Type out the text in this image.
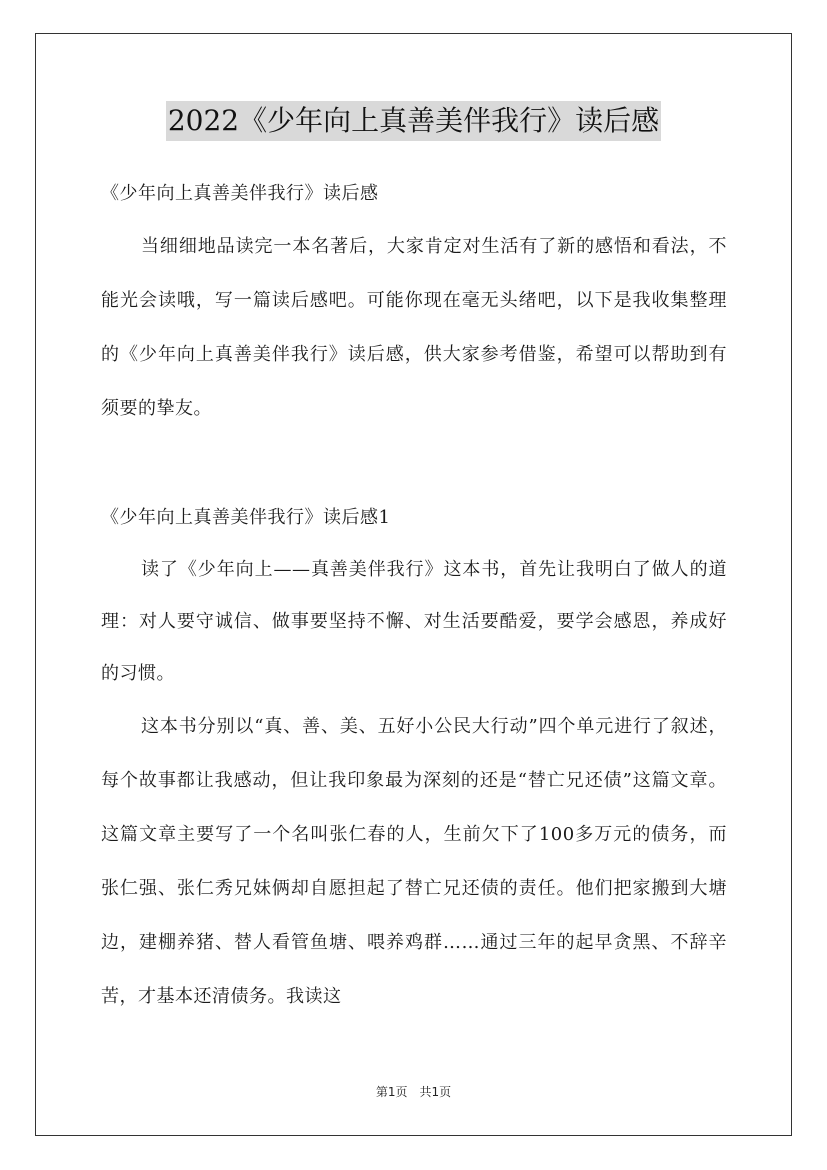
2022《少年向上真善美伴我行》读后感

《少年向上真善美伴我行》读后感

当细细地品读完一本名著后，大家肯定对生活有了新的感悟和看法，不能光会读哦，写一篇读后感吧。可能你现在毫无头绪吧，以下是我收集整理的《少年向上真善美伴我行》读后感，供大家参考借鉴，希望可以帮助到有须要的挚友。

《少年向上真善美伴我行》读后感1

读了《少年向上——真善美伴我行》这本书，首先让我明白了做人的道理：对人要守诚信、做事要坚持不懈、对生活要酷爱，要学会感恩，养成好的习惯。

这本书分别以“真、善、美、五好小公民大行动”四个单元进行了叙述，每个故事都让我感动，但让我印象最为深刻的还是“替亡兄还债”这篇文章。这篇文章主要写了一个名叫张仁春的人，生前欠下了100多万元的债务，而张仁强、张仁秀兄妹俩却自愿担起了替亡兄还债的责任。他们把家搬到大塘边，建棚养猪、替人看管鱼塘、喂养鸡群……通过三年的起早贪黑、不辞辛苦，才基本还清债务。我读这

第1页 共1页
